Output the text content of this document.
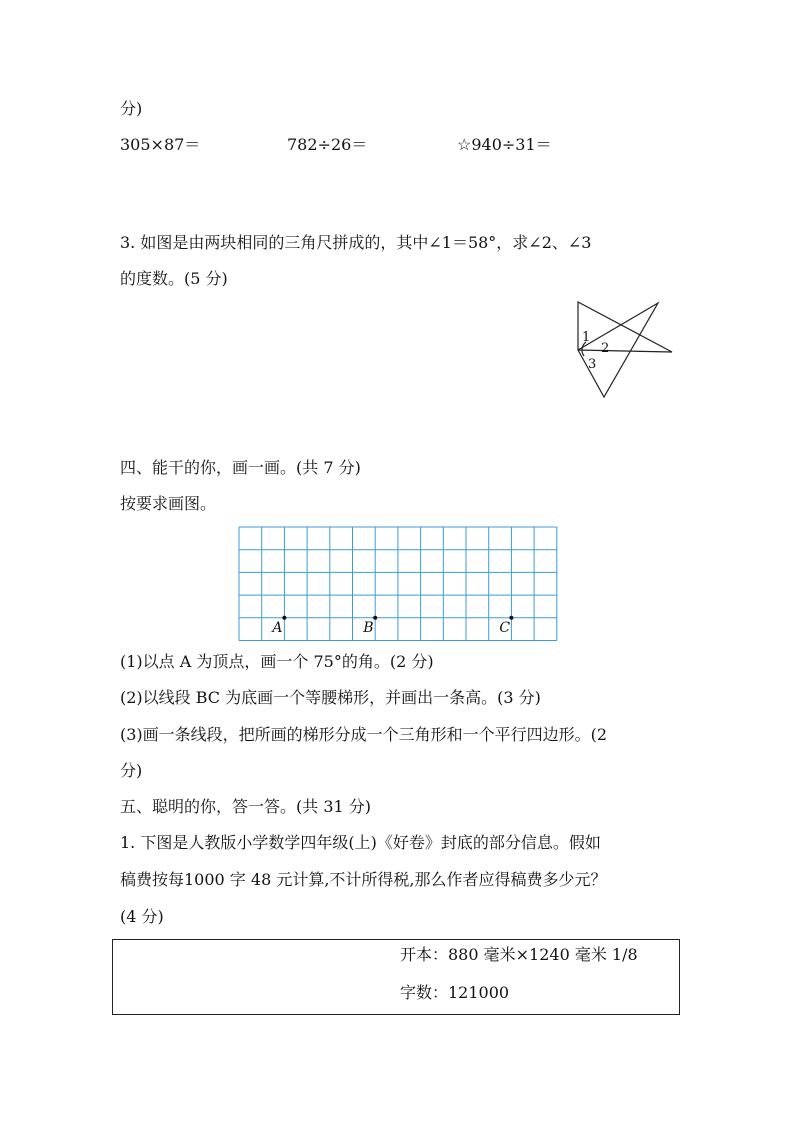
分)
305×87＝	782÷26＝	☆940÷31＝
3. 如图是由两块相同的三角尺拼成的，其中∠1＝58°，求∠2、∠3
的度数。(5 分)
1
2
3
四、能干的你，画一画。(共 7 分)
按要求画图。
A	B	C
(1)以点 A 为顶点，画一个 75°的角。(2 分)
(2)以线段 BC 为底画一个等腰梯形，并画出一条高。(3 分)
(3)画一条线段，把所画的梯形分成一个三角形和一个平行四边形。(2
分)
五、聪明的你，答一答。(共 31 分)
1. 下图是人教版小学数学四年级(上)《好卷》封底的部分信息。假如
稿费按每1000 字 48 元计算,不计所得税,那么作者应得稿费多少元？
(4 分)
开本：880 毫米×1240 毫米 1/8
字数：121000
